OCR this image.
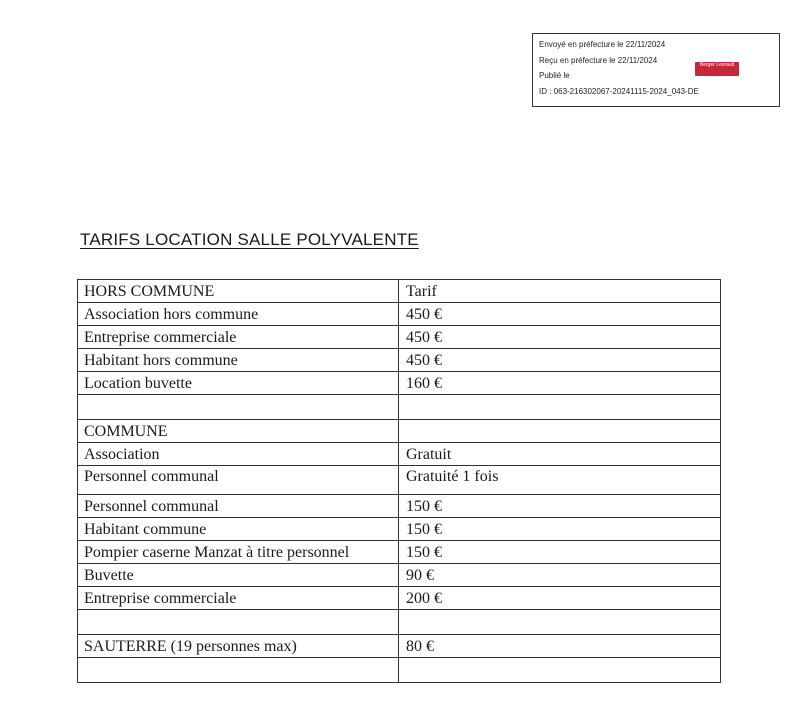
Envoyé en préfecture le 22/11/2024
Reçu en préfecture le 22/11/2024
Publié le
ID : 063-216302067-20241115-2024_043-DE
Berger Levrault
TARIFS LOCATION SALLE POLYVALENTE
HORS COMMUNE	Tarif
Association hors commune	450 €
Entreprise commerciale	450 €
Habitant hors commune	450 €
Location buvette	160 €

COMMUNE	
Association	Gratuit
Personnel communal	Gratuité 1 fois
Personnel communal	150 €
Habitant commune	150 €
Pompier caserne Manzat à titre personnel	150 €
Buvette	90 €
Entreprise commerciale	200 €

SAUTERRE (19 personnes max)	80 €
